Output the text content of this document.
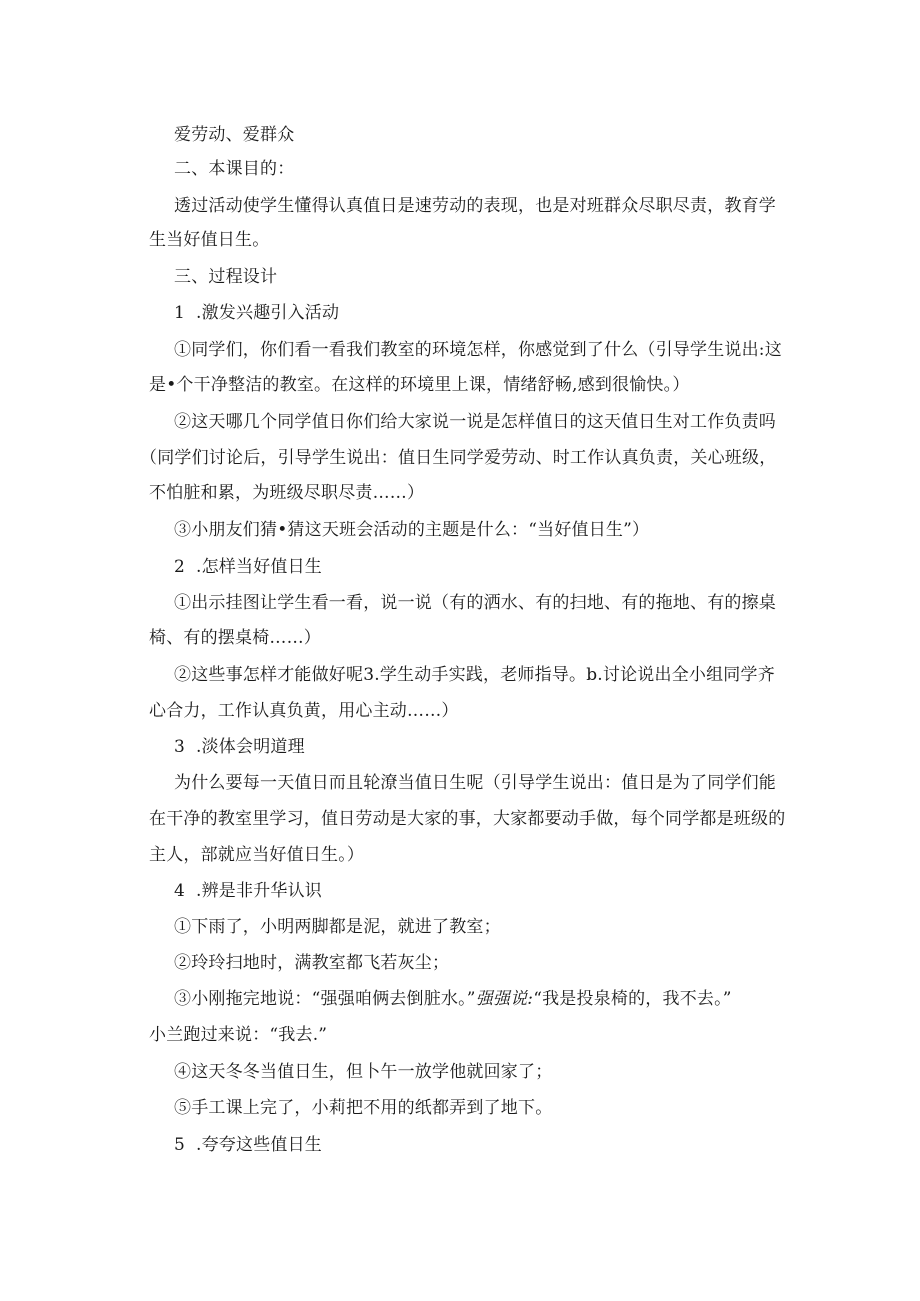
爱劳动、爱群众
二、本课目的：
透过活动使学生懂得认真值日是速劳动的表现，也是对班群众尽职尽责，教育学
生当好值日生。
三、过程设计
1 .激发兴趣引入活动
①同学们，你们看一看我们教室的环境怎样，你感觉到了什么（引导学生说出:这
是•个干净整洁的教室。在这样的环境里上课，情绪舒畅,感到很愉快。）
②这天哪几个同学值日你们给大家说一说是怎样值日的这天值日生对工作负责吗
（同学们讨论后，引导学生说出：值日生同学爱劳动、时工作认真负责，关心班级，
不怕脏和累，为班级尽职尽责……）
③小朋友们猜•猜这天班会活动的主题是什么：“当好值日生”）
2 .怎样当好值日生
①出示挂图让学生看一看，说一说（有的洒水、有的扫地、有的拖地、有的擦桌
椅、有的摆桌椅……）
②这些事怎样才能做好呢3.学生动手实践，老师指导。b.讨论说出全小组同学齐
心合力，工作认真负黄，用心主动……）
3 .淡体会明道理
为什么要每一天值日而且轮潦当值日生呢（引导学生说出：值日是为了同学们能
在干净的教室里学习，值日劳动是大家的事，大家都要动手做，每个同学都是班级的
主人，部就应当好值日生。）
4 .辨是非升华认识
①下雨了，小明两脚都是泥，就进了教室；
②玲玲扫地时，满教室都飞若灰尘；
③小刚拖完地说：“强强咱俩去倒脏水。”强强说:“我是投泉椅的，我不去。”
小兰跑过来说：“我去.”
④这天冬冬当值日生，但卜午一放学他就回家了；
⑤手工课上完了，小莉把不用的纸都弄到了地下。
5 .夸夸这些值日生
